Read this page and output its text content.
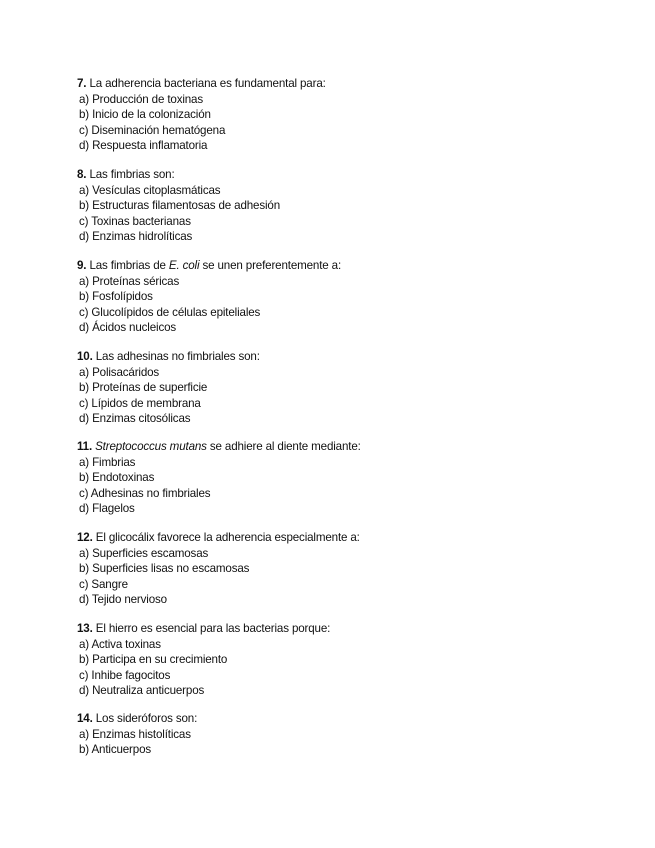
7. La adherencia bacteriana es fundamental para:
a) Producción de toxinas
b) Inicio de la colonización
c) Diseminación hematógena
d) Respuesta inflamatoria
8. Las fimbrias son:
a) Vesículas citoplasmáticas
b) Estructuras filamentosas de adhesión
c) Toxinas bacterianas
d) Enzimas hidrolíticas
9. Las fimbrias de E. coli se unen preferentemente a:
a) Proteínas séricas
b) Fosfolípidos
c) Glucolípidos de células epiteliales
d) Ácidos nucleicos
10. Las adhesinas no fimbriales son:
a) Polisacáridos
b) Proteínas de superficie
c) Lípidos de membrana
d) Enzimas citosólicas
11. Streptococcus mutans se adhiere al diente mediante:
a) Fimbrias
b) Endotoxinas
c) Adhesinas no fimbriales
d) Flagelos
12. El glicocálix favorece la adherencia especialmente a:
a) Superficies escamosas
b) Superficies lisas no escamosas
c) Sangre
d) Tejido nervioso
13. El hierro es esencial para las bacterias porque:
a) Activa toxinas
b) Participa en su crecimiento
c) Inhibe fagocitos
d) Neutraliza anticuerpos
14. Los sideróforos son:
a) Enzimas histolíticas
b) Anticuerpos
